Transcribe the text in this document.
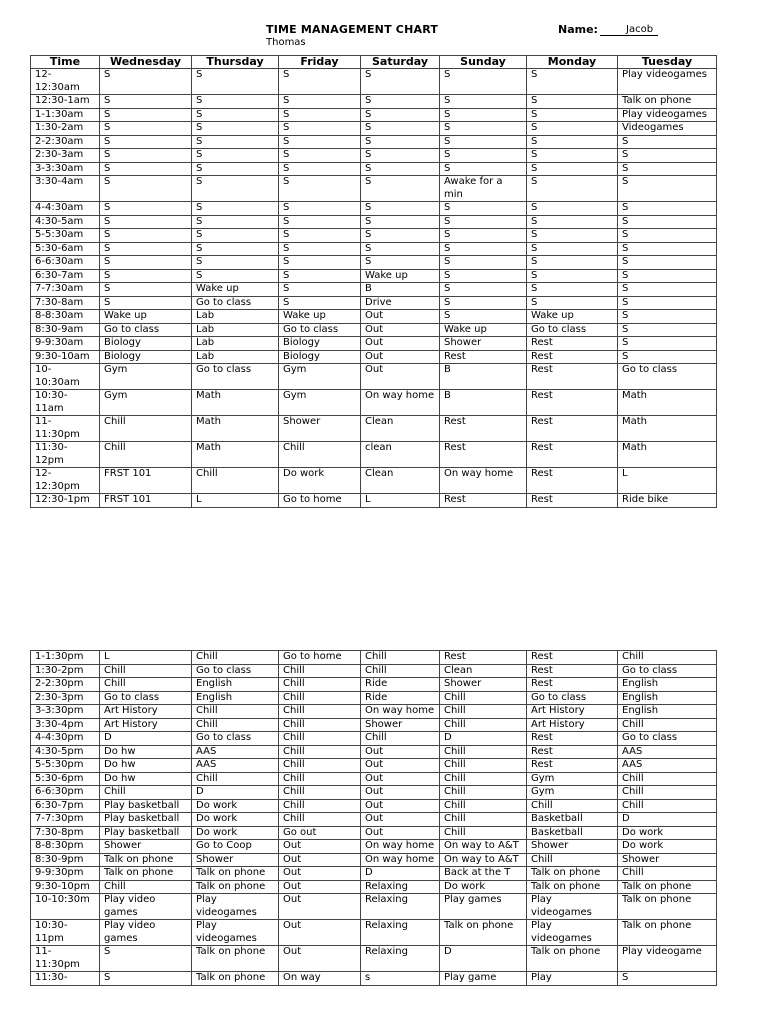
TIME MANAGEMENT CHART	Name:	Jacob
Thomas
Time	Wednesday	Thursday	Friday	Saturday	Sunday	Monday	Tuesday
12-12:30am	S	S	S	S	S	S	Play videogames
12:30-1am	S	S	S	S	S	S	Talk on phone
1-1:30am	S	S	S	S	S	S	Play videogames
1:30-2am	S	S	S	S	S	S	Videogames
2-2:30am	S	S	S	S	S	S	S
2:30-3am	S	S	S	S	S	S	S
3-3:30am	S	S	S	S	S	S	S
3:30-4am	S	S	S	S	Awake for a min	S	S
4-4:30am	S	S	S	S	S	S	S
4:30-5am	S	S	S	S	S	S	S
5-5:30am	S	S	S	S	S	S	S
5:30-6am	S	S	S	S	S	S	S
6-6:30am	S	S	S	S	S	S	S
6:30-7am	S	S	S	Wake up	S	S	S
7-7:30am	S	Wake up	S	B	S	S	S
7:30-8am	S	Go to class	S	Drive	S	S	S
8-8:30am	Wake up	Lab	Wake up	Out	S	Wake up	S
8:30-9am	Go to class	Lab	Go to class	Out	Wake up	Go to class	S
9-9:30am	Biology	Lab	Biology	Out	Shower	Rest	S
9:30-10am	Biology	Lab	Biology	Out	Rest	Rest	S
10-10:30am	Gym	Go to class	Gym	Out	B	Rest	Go to class
10:30-11am	Gym	Math	Gym	On way home	B	Rest	Math
11-11:30pm	Chill	Math	Shower	Clean	Rest	Rest	Math
11:30-12pm	Chill	Math	Chill	clean	Rest	Rest	Math
12-12:30pm	FRST 101	Chill	Do work	Clean	On way home	Rest	L
12:30-1pm	FRST 101	L	Go to home	L	Rest	Rest	Ride bike
1-1:30pm	L	Chill	Go to home	Chill	Rest	Rest	Chill
1:30-2pm	Chill	Go to class	Chill	Chill	Clean	Rest	Go to class
2-2:30pm	Chill	English	Chill	Ride	Shower	Rest	English
2:30-3pm	Go to class	English	Chill	Ride	Chill	Go to class	English
3-3:30pm	Art History	Chill	Chill	On way home	Chill	Art History	English
3:30-4pm	Art History	Chill	Chill	Shower	Chill	Art History	Chill
4-4:30pm	D	Go to class	Chill	Chill	D	Rest	Go to class
4:30-5pm	Do hw	AAS	Chill	Out	Chill	Rest	AAS
5-5:30pm	Do hw	AAS	Chill	Out	Chill	Rest	AAS
5:30-6pm	Do hw	Chill	Chill	Out	Chill	Gym	Chill
6-6:30pm	Chill	D	Chill	Out	Chill	Gym	Chill
6:30-7pm	Play basketball	Do work	Chill	Out	Chill	Chill	Chill
7-7:30pm	Play basketball	Do work	Chill	Out	Chill	Basketball	D
7:30-8pm	Play basketball	Do work	Go out	Out	Chill	Basketball	Do work
8-8:30pm	Shower	Go to Coop	Out	On way home	On way to A&T	Shower	Do work
8:30-9pm	Talk on phone	Shower	Out	On way home	On way to A&T	Chill	Shower
9-9:30pm	Talk on phone	Talk on phone	Out	D	Back at the T	Talk on phone	Chill
9:30-10pm	Chill	Talk on phone	Out	Relaxing	Do work	Talk on phone	Talk on phone
10-10:30m	Play video games	Play videogames	Out	Relaxing	Play games	Play videogames	Talk on phone
10:30-11pm	Play video games	Play videogames	Out	Relaxing	Talk on phone	Play videogames	Talk on phone
11-11:30pm	S	Talk on phone	Out	Relaxing	D	Talk on phone	Play videogame
11:30-	S	Talk on phone	On way	s	Play game	Play	S
